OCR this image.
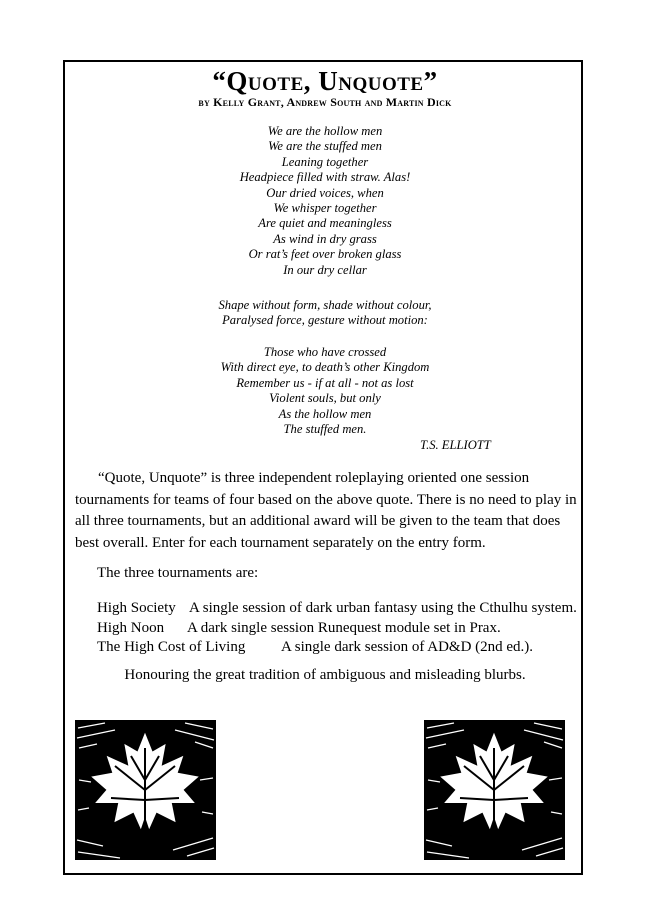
“Quote, Unquote”
by Kelly Grant, Andrew South and Martin Dick
We are the hollow men
We are the stuffed men
Leaning together
Headpiece filled with straw. Alas!
Our dried voices, when
We whisper together
Are quiet and meaningless
As wind in dry grass
Or rat’s feet over broken glass
In our dry cellar
Shape without form, shade without colour,
Paralysed force, gesture without motion:
Those who have crossed
With direct eye, to death’s other Kingdom
Remember us - if at all - not as lost
Violent souls, but only
As the hollow men
The stuffed men.
T.S. ELLIOTT
“Quote, Unquote” is three independent roleplaying oriented one session
tournaments for teams of four based on the above quote. There is no need to play in
all three tournaments, but an additional award will be given to the team that does
best overall. Enter for each tournament separately on the entry form.
The three tournaments are:
High Society A single session of dark urban fantasy using the Cthulhu system.
High Noon A dark single session Runequest module set in Prax.
The High Cost of Living A single dark session of AD&D (2nd ed.).
Honouring the great tradition of ambiguous and misleading blurbs.
